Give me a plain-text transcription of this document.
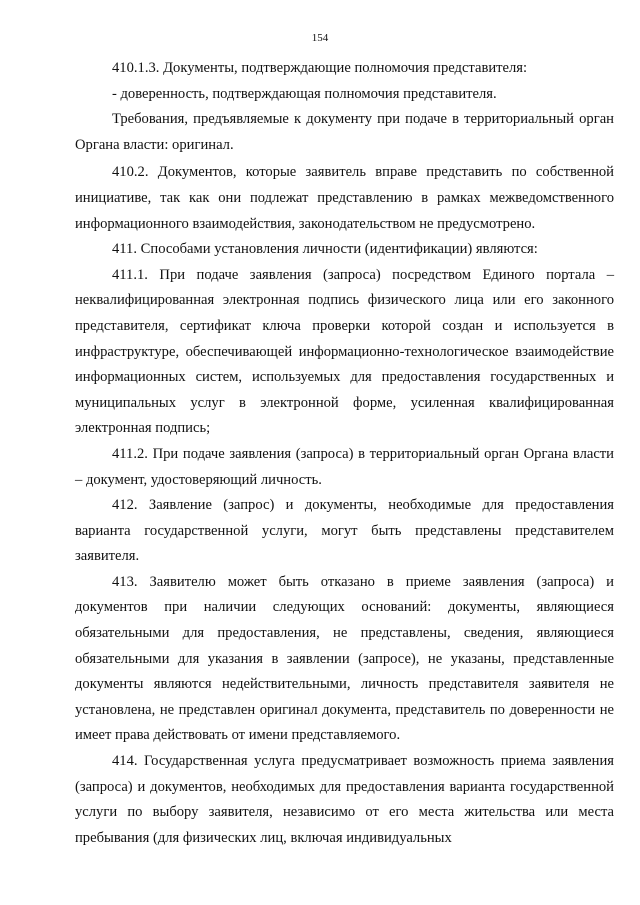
154

410.1.3. Документы, подтверждающие полномочия представителя:

- доверенность, подтверждающая полномочия представителя.

Требования, предъявляемые к документу при подаче в территориальный орган Органа власти: оригинал.

410.2. Документов, которые заявитель вправе представить по собственной инициативе, так как они подлежат представлению в рамках межведомственного информационного взаимодействия, законодательством не предусмотрено.

411. Способами установления личности (идентификации) являются:

411.1. При подаче заявления (запроса) посредством Единого портала – неквалифицированная электронная подпись физического лица или его законного представителя, сертификат ключа проверки которой создан и используется в инфраструктуре, обеспечивающей информационно-технологическое взаимодействие информационных систем, используемых для предоставления государственных и муниципальных услуг в электронной форме, усиленная квалифицированная электронная подпись;

411.2. При подаче заявления (запроса) в территориальный орган Органа власти – документ, удостоверяющий личность.

412. Заявление (запрос) и документы, необходимые для предоставления варианта государственной услуги, могут быть представлены представителем заявителя.

413. Заявителю может быть отказано в приеме заявления (запроса) и документов при наличии следующих оснований: документы, являющиеся обязательными для предоставления, не представлены, сведения, являющиеся обязательными для указания в заявлении (запросе), не указаны, представленные документы являются недействительными, личность представителя заявителя не установлена, не представлен оригинал документа, представитель по доверенности не имеет права действовать от имени представляемого.

414. Государственная услуга предусматривает возможность приема заявления (запроса) и документов, необходимых для предоставления варианта государственной услуги по выбору заявителя, независимо от его места жительства или места пребывания (для физических лиц, включая индивидуальных
